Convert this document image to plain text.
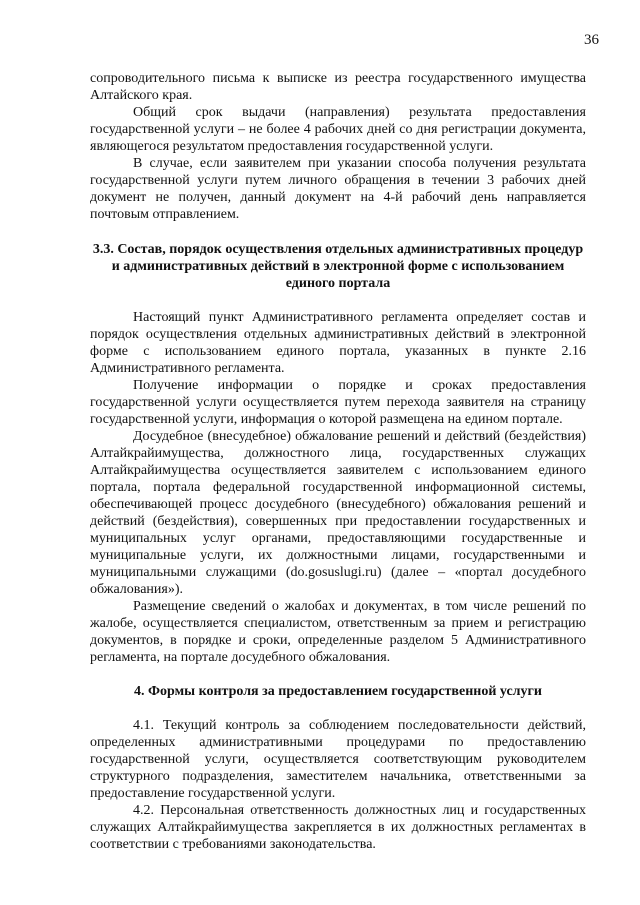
36

сопроводительного письма к выписке из реестра государственного имущества Алтайского края.

Общий срок выдачи (направления) результата предоставления государственной услуги – не более 4 рабочих дней со дня регистрации документа, являющегося результатом предоставления государственной услуги.

В случае, если заявителем при указании способа получения результата государственной услуги путем личного обращения в течении 3 рабочих дней документ не получен, данный документ на 4-й рабочий день направляется почтовым отправлением.

3.3. Состав, порядок осуществления отдельных административных процедур и административных действий в электронной форме с использованием единого портала

Настоящий пункт Административного регламента определяет состав и порядок осуществления отдельных административных действий в электронной форме с использованием единого портала, указанных в пункте 2.16 Административного регламента.

Получение информации о порядке и сроках предоставления государственной услуги осуществляется путем перехода заявителя на страницу государственной услуги, информация о которой размещена на едином портале.

Досудебное (внесудебное) обжалование решений и действий (бездействия) Алтайкрайимущества, должностного лица, государственных служащих Алтайкрайимущества осуществляется заявителем с использованием единого портала, портала федеральной государственной информационной системы, обеспечивающей процесс досудебного (внесудебного) обжалования решений и действий (бездействия), совершенных при предоставлении государственных и муниципальных услуг органами, предоставляющими государственные и муниципальные услуги, их должностными лицами, государственными и муниципальными служащими (do.gosuslugi.ru) (далее – «портал досудебного обжалования»).

Размещение сведений о жалобах и документах, в том числе решений по жалобе, осуществляется специалистом, ответственным за прием и регистрацию документов, в порядке и сроки, определенные разделом 5 Административного регламента, на портале досудебного обжалования.

4. Формы контроля за предоставлением государственной услуги

4.1. Текущий контроль за соблюдением последовательности действий, определенных административными процедурами по предоставлению государственной услуги, осуществляется соответствующим руководителем структурного подразделения, заместителем начальника, ответственными за предоставление государственной услуги.

4.2. Персональная ответственность должностных лиц и государственных служащих Алтайкрайимущества закрепляется в их должностных регламентах в соответствии с требованиями законодательства.
